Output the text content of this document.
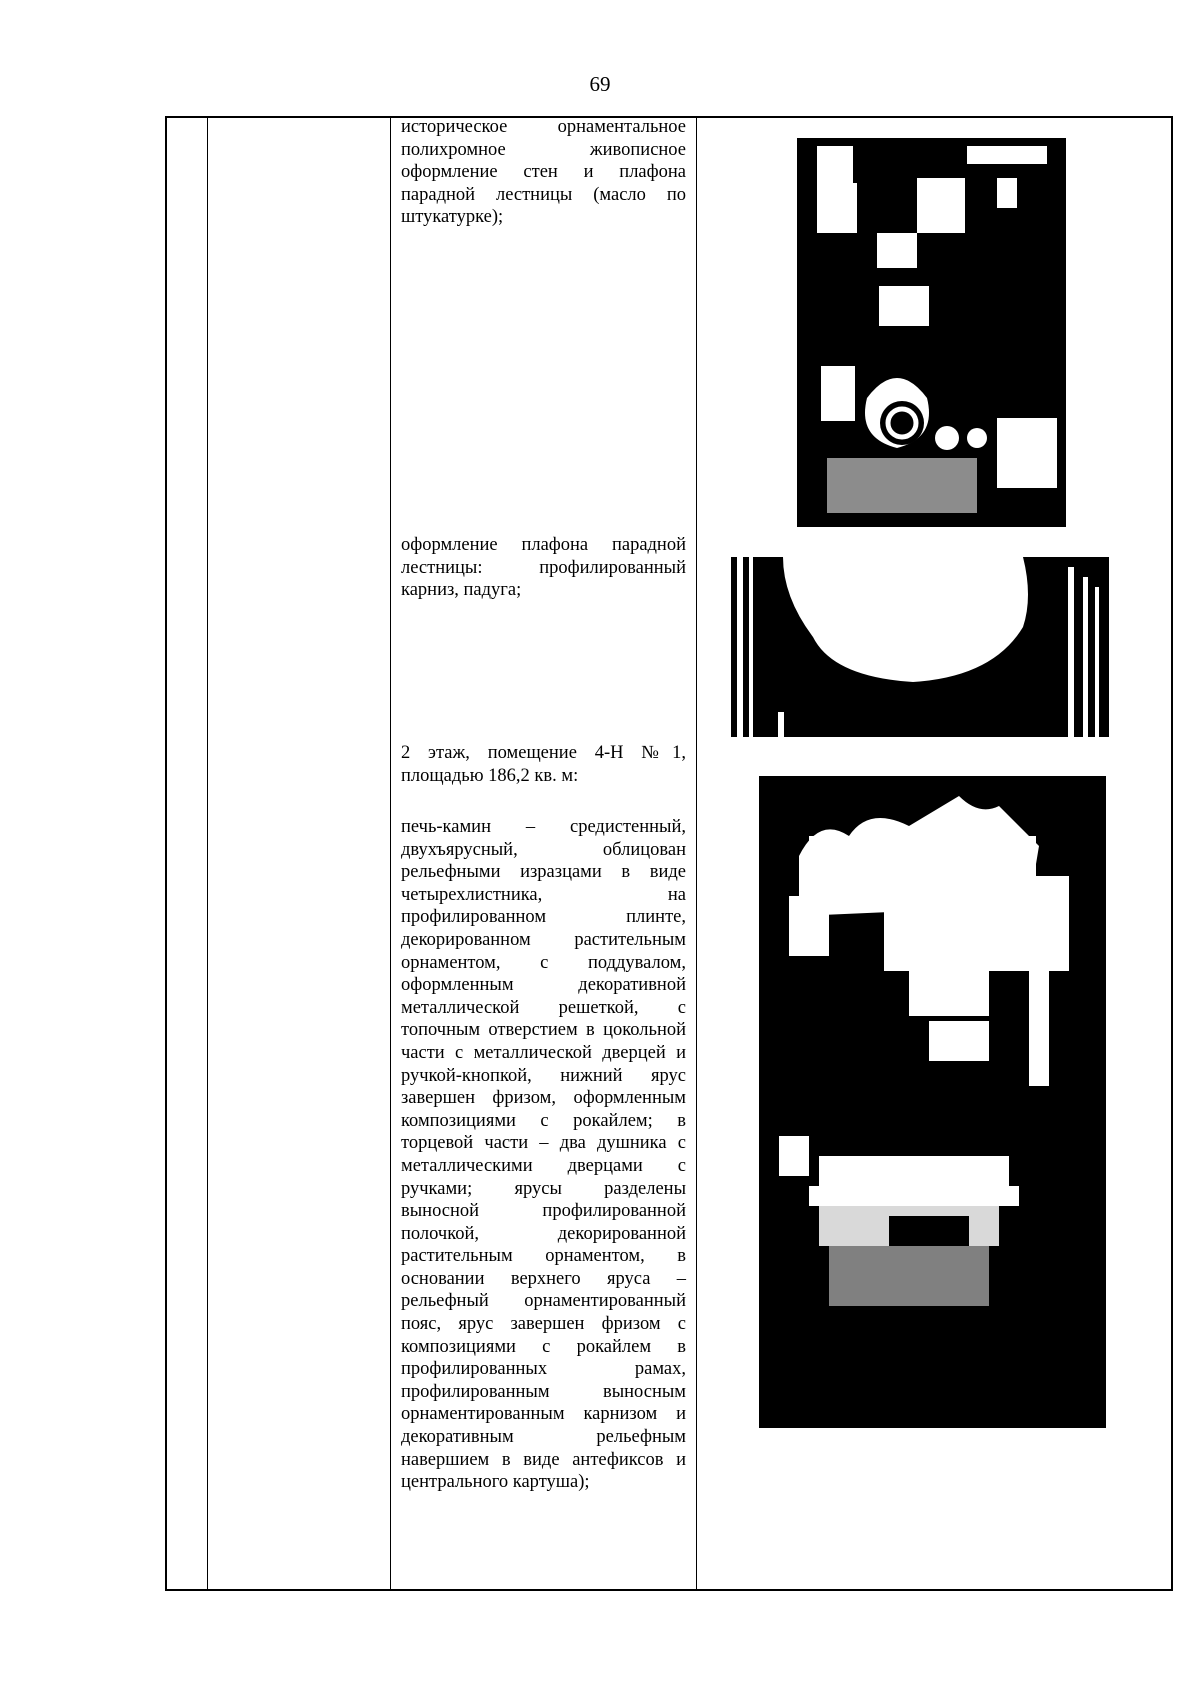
69
историческое орнаментальное полихромное живописное оформление стен и плафона парадной лестницы (масло по штукатурке);
оформление плафона парадной лестницы: профилированный карниз, падуга;
2 этаж, помещение 4-Н №1, площадью 186,2 кв. м:
печь-камин – средистенный, двухъярусный, облицован рельефными изразцами в виде четырехлистника, на профилированном плинте, декорированном растительным орнаментом, с поддувалом, оформленным декоративной металлической решеткой, с топочным отверстием в цокольной части с металлической дверцей и ручкой-кнопкой, нижний ярус завершен фризом, оформленным композициями с рокайлем; в торцевой части – два душника с металлическими дверцами с ручками; ярусы разделены выносной профилированной полочкой, декорированной растительным орнаментом, в основании верхнего яруса – рельефный орнаментированный пояс, ярус завершен фризом с композициями с рокайлем в профилированных рамах, профилированным выносным орнаментированным карнизом и декоративным рельефным навершием в виде антефиксов и центрального картуша);
